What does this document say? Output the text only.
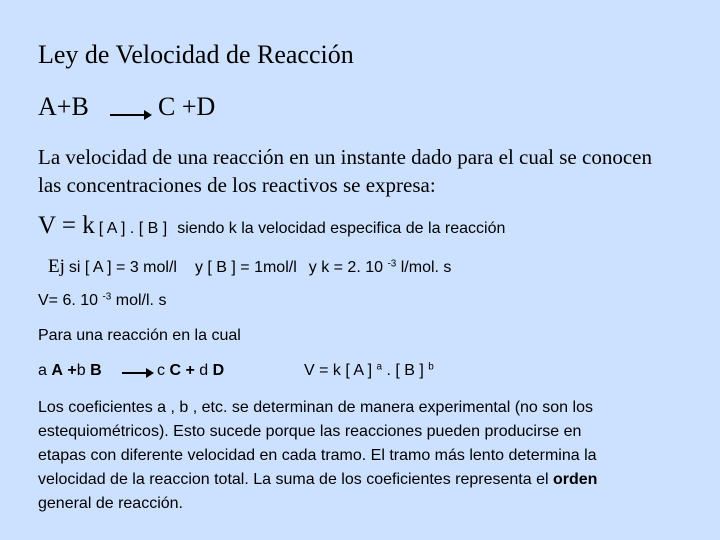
Ley de Velocidad de Reacción
A+B → C +D
La velocidad de una reacción en un instante dado para el cual se conocen
las concentraciones de los reactivos se expresa:
V = k [ A ] . [ B ] siendo k la velocidad especifica de la reacción
Ej si [ A ] = 3 mol/l y [ B ] = 1mol/l y k = 2. 10 $^{-3}$ l/mol. s
V= 6. 10 $^{-3}$ mol/l. s
Para una reacción en la cual
a A +b B	c C + d D	V = k [ A ] $^a$ . [ B ] $^b$
Los coeficientes a , b , etc. se determinan de manera experimental (no son los
estequiométricos). Esto sucede porque las reacciones pueden producirse en
etapas con diferente velocidad en cada tramo. El tramo más lento determina la
velocidad de la reaccion total. La suma de los coeficientes representa el orden
general de reacción.
